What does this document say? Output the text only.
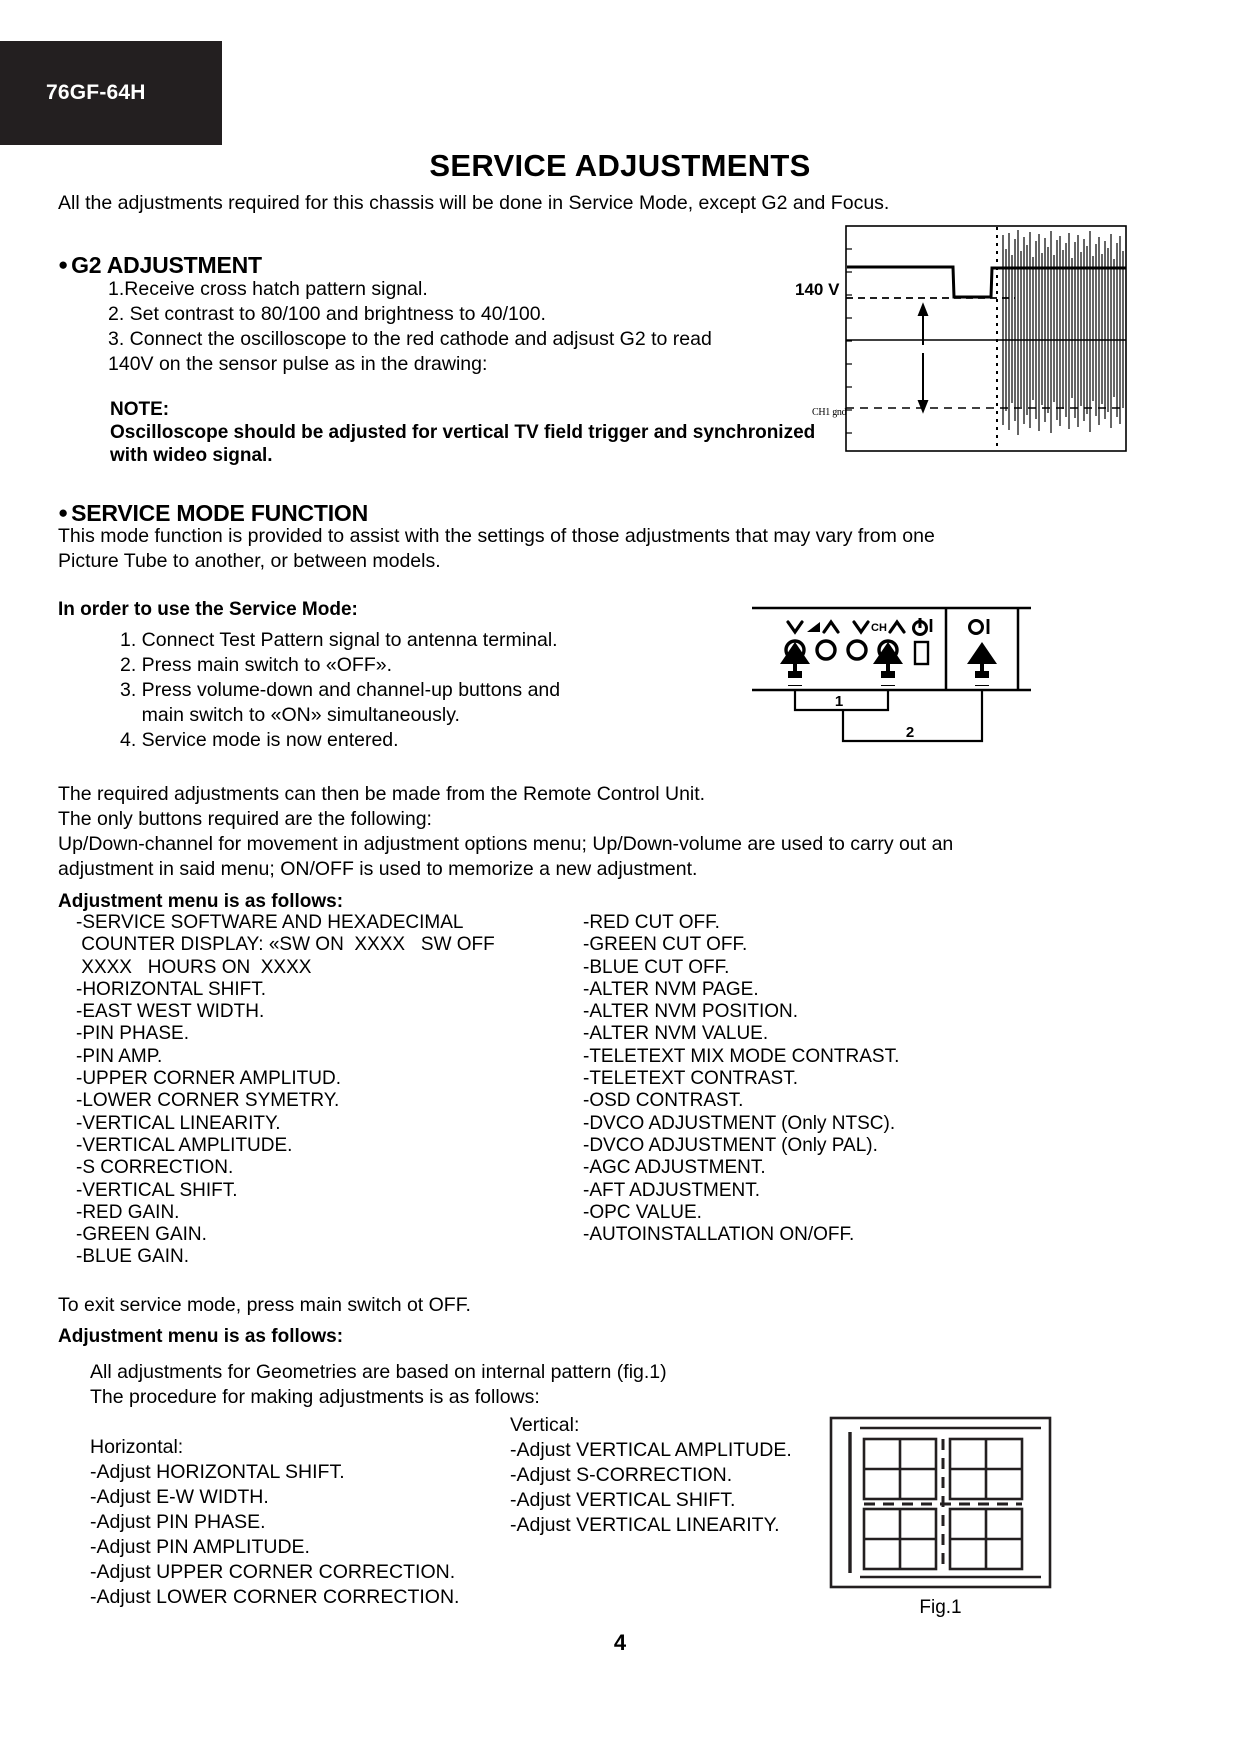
76GF-64H
SERVICE ADJUSTMENTS
All the adjustments required for this chassis will be done in Service Mode, except G2 and Focus.
● G2 ADJUSTMENT
1.Receive cross hatch pattern signal.
2. Set contrast to 80/100 and brightness to 40/100.
3. Connect the oscilloscope to the red cathode and adjsust G2 to read
140V on the sensor pulse as in the drawing:
NOTE:
Oscilloscope should be adjusted for vertical TV field trigger and synchronized
with wideo signal.
140 V
CH1 gnd
● SERVICE MODE FUNCTION
This mode function is provided to assist with the settings of those adjustments that may vary from one
Picture Tube to another, or between models.
In order to use the Service Mode:
1. Connect Test Pattern signal to antenna terminal.
2. Press main switch to «OFF».
3. Press volume-down and channel-up buttons and
main switch to «ON» simultaneously.
4. Service mode is now entered.
The required adjustments can then be made from the Remote Control Unit.
The only buttons required are the following:
Up/Down-channel for movement in adjustment options menu; Up/Down-volume are used to carry out an
adjustment in said menu; ON/OFF is used to memorize a new adjustment.
CH
1
2
Adjustment menu is as follows:
-SERVICE SOFTWARE AND HEXADECIMAL
COUNTER DISPLAY: «SW ON  XXXX   SW OFF
XXXX   HOURS ON  XXXX
-HORIZONTAL SHIFT.
-EAST WEST WIDTH.
-PIN PHASE.
-PIN AMP.
-UPPER CORNER AMPLITUD.
-LOWER CORNER SYMETRY.
-VERTICAL LINEARITY.
-VERTICAL AMPLITUDE.
-S CORRECTION.
-VERTICAL SHIFT.
-RED GAIN.
-GREEN GAIN.
-BLUE GAIN.
-RED CUT OFF.
-GREEN CUT OFF.
-BLUE CUT OFF.
-ALTER NVM PAGE.
-ALTER NVM POSITION.
-ALTER NVM VALUE.
-TELETEXT MIX MODE CONTRAST.
-TELETEXT CONTRAST.
-OSD CONTRAST.
-DVCO ADJUSTMENT (Only NTSC).
-DVCO ADJUSTMENT (Only PAL).
-AGC ADJUSTMENT.
-AFT ADJUSTMENT.
-OPC VALUE.
-AUTOINSTALLATION ON/OFF.
To exit service mode, press main switch ot OFF.
Adjustment menu is as follows:
All adjustments for Geometries are based on internal pattern (fig.1)
The procedure for making adjustments is as follows:
Horizontal:
-Adjust HORIZONTAL SHIFT.
-Adjust E-W WIDTH.
-Adjust PIN PHASE.
-Adjust PIN AMPLITUDE.
-Adjust UPPER CORNER CORRECTION.
-Adjust LOWER CORNER CORRECTION.
Vertical:
-Adjust VERTICAL AMPLITUDE.
-Adjust S-CORRECTION.
-Adjust VERTICAL SHIFT.
-Adjust VERTICAL LINEARITY.
Fig.1
4
